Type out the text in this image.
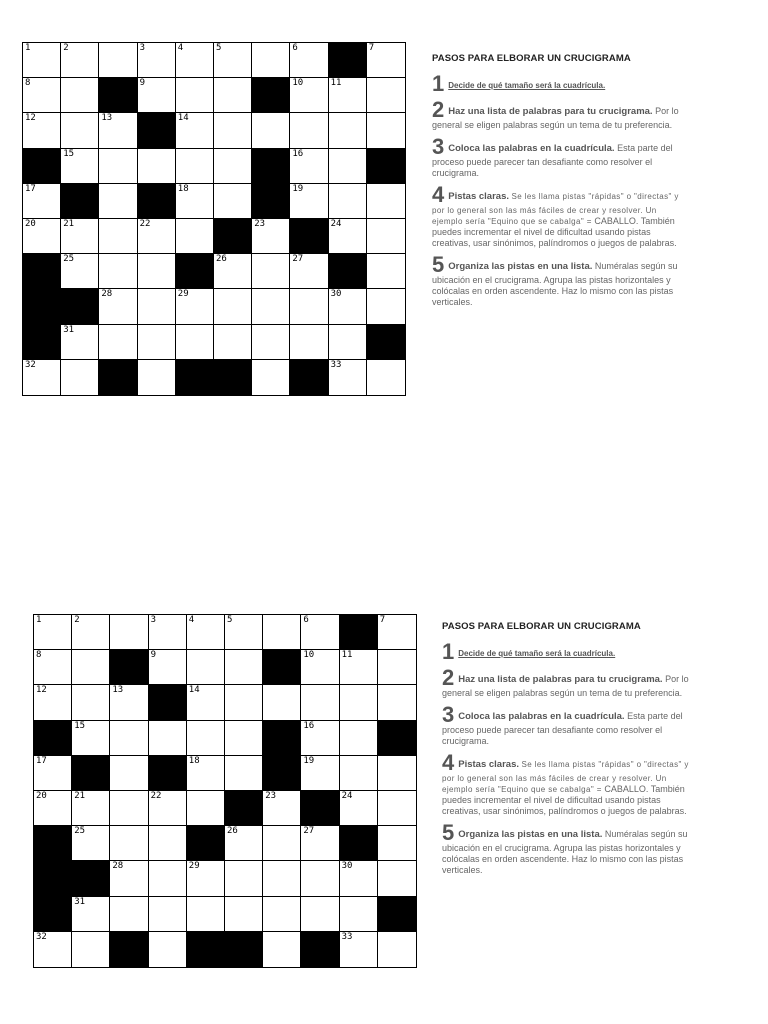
1	2	3	4	5	6	7
8	9	10	11
12	13	14
15	16
17	18	19
20	21	22	23	24
25	26	27
28	29	30
31
32	33
PASOS PARA ELBORAR UN CRUCIGRAMA
1 Decide de qué tamaño será la cuadrícula.
2 Haz una lista de palabras para tu crucigrama. Por lo general se eligen palabras según un tema de tu preferencia.
3 Coloca las palabras en la cuadrícula. Esta parte del proceso puede parecer tan desafiante como resolver el crucigrama.
4 Pistas claras. Se les llama pistas "rápidas" o "directas" y por lo general son las más fáciles de crear y resolver. Un ejemplo sería "Equino que se cabalga" = CABALLO. También puedes incrementar el nivel de dificultad usando pistas creativas, usar sinónimos, palíndromos o juegos de palabras.
5 Organiza las pistas en una lista. Numéralas según su ubicación en el crucigrama. Agrupa las pistas horizontales y colócalas en orden ascendente. Haz lo mismo con las pistas verticales.
1	2	3	4	5	6	7
8	9	10	11
12	13	14
15	16
17	18	19
20	21	22	23	24
25	26	27
28	29	30
31
32	33
PASOS PARA ELBORAR UN CRUCIGRAMA
1 Decide de qué tamaño será la cuadrícula.
2 Haz una lista de palabras para tu crucigrama. Por lo general se eligen palabras según un tema de tu preferencia.
3 Coloca las palabras en la cuadrícula. Esta parte del proceso puede parecer tan desafiante como resolver el crucigrama.
4 Pistas claras. Se les llama pistas "rápidas" o "directas" y por lo general son las más fáciles de crear y resolver. Un ejemplo sería "Equino que se cabalga" = CABALLO. También puedes incrementar el nivel de dificultad usando pistas creativas, usar sinónimos, palíndromos o juegos de palabras.
5 Organiza las pistas en una lista. Numéralas según su ubicación en el crucigrama. Agrupa las pistas horizontales y colócalas en orden ascendente. Haz lo mismo con las pistas verticales.
